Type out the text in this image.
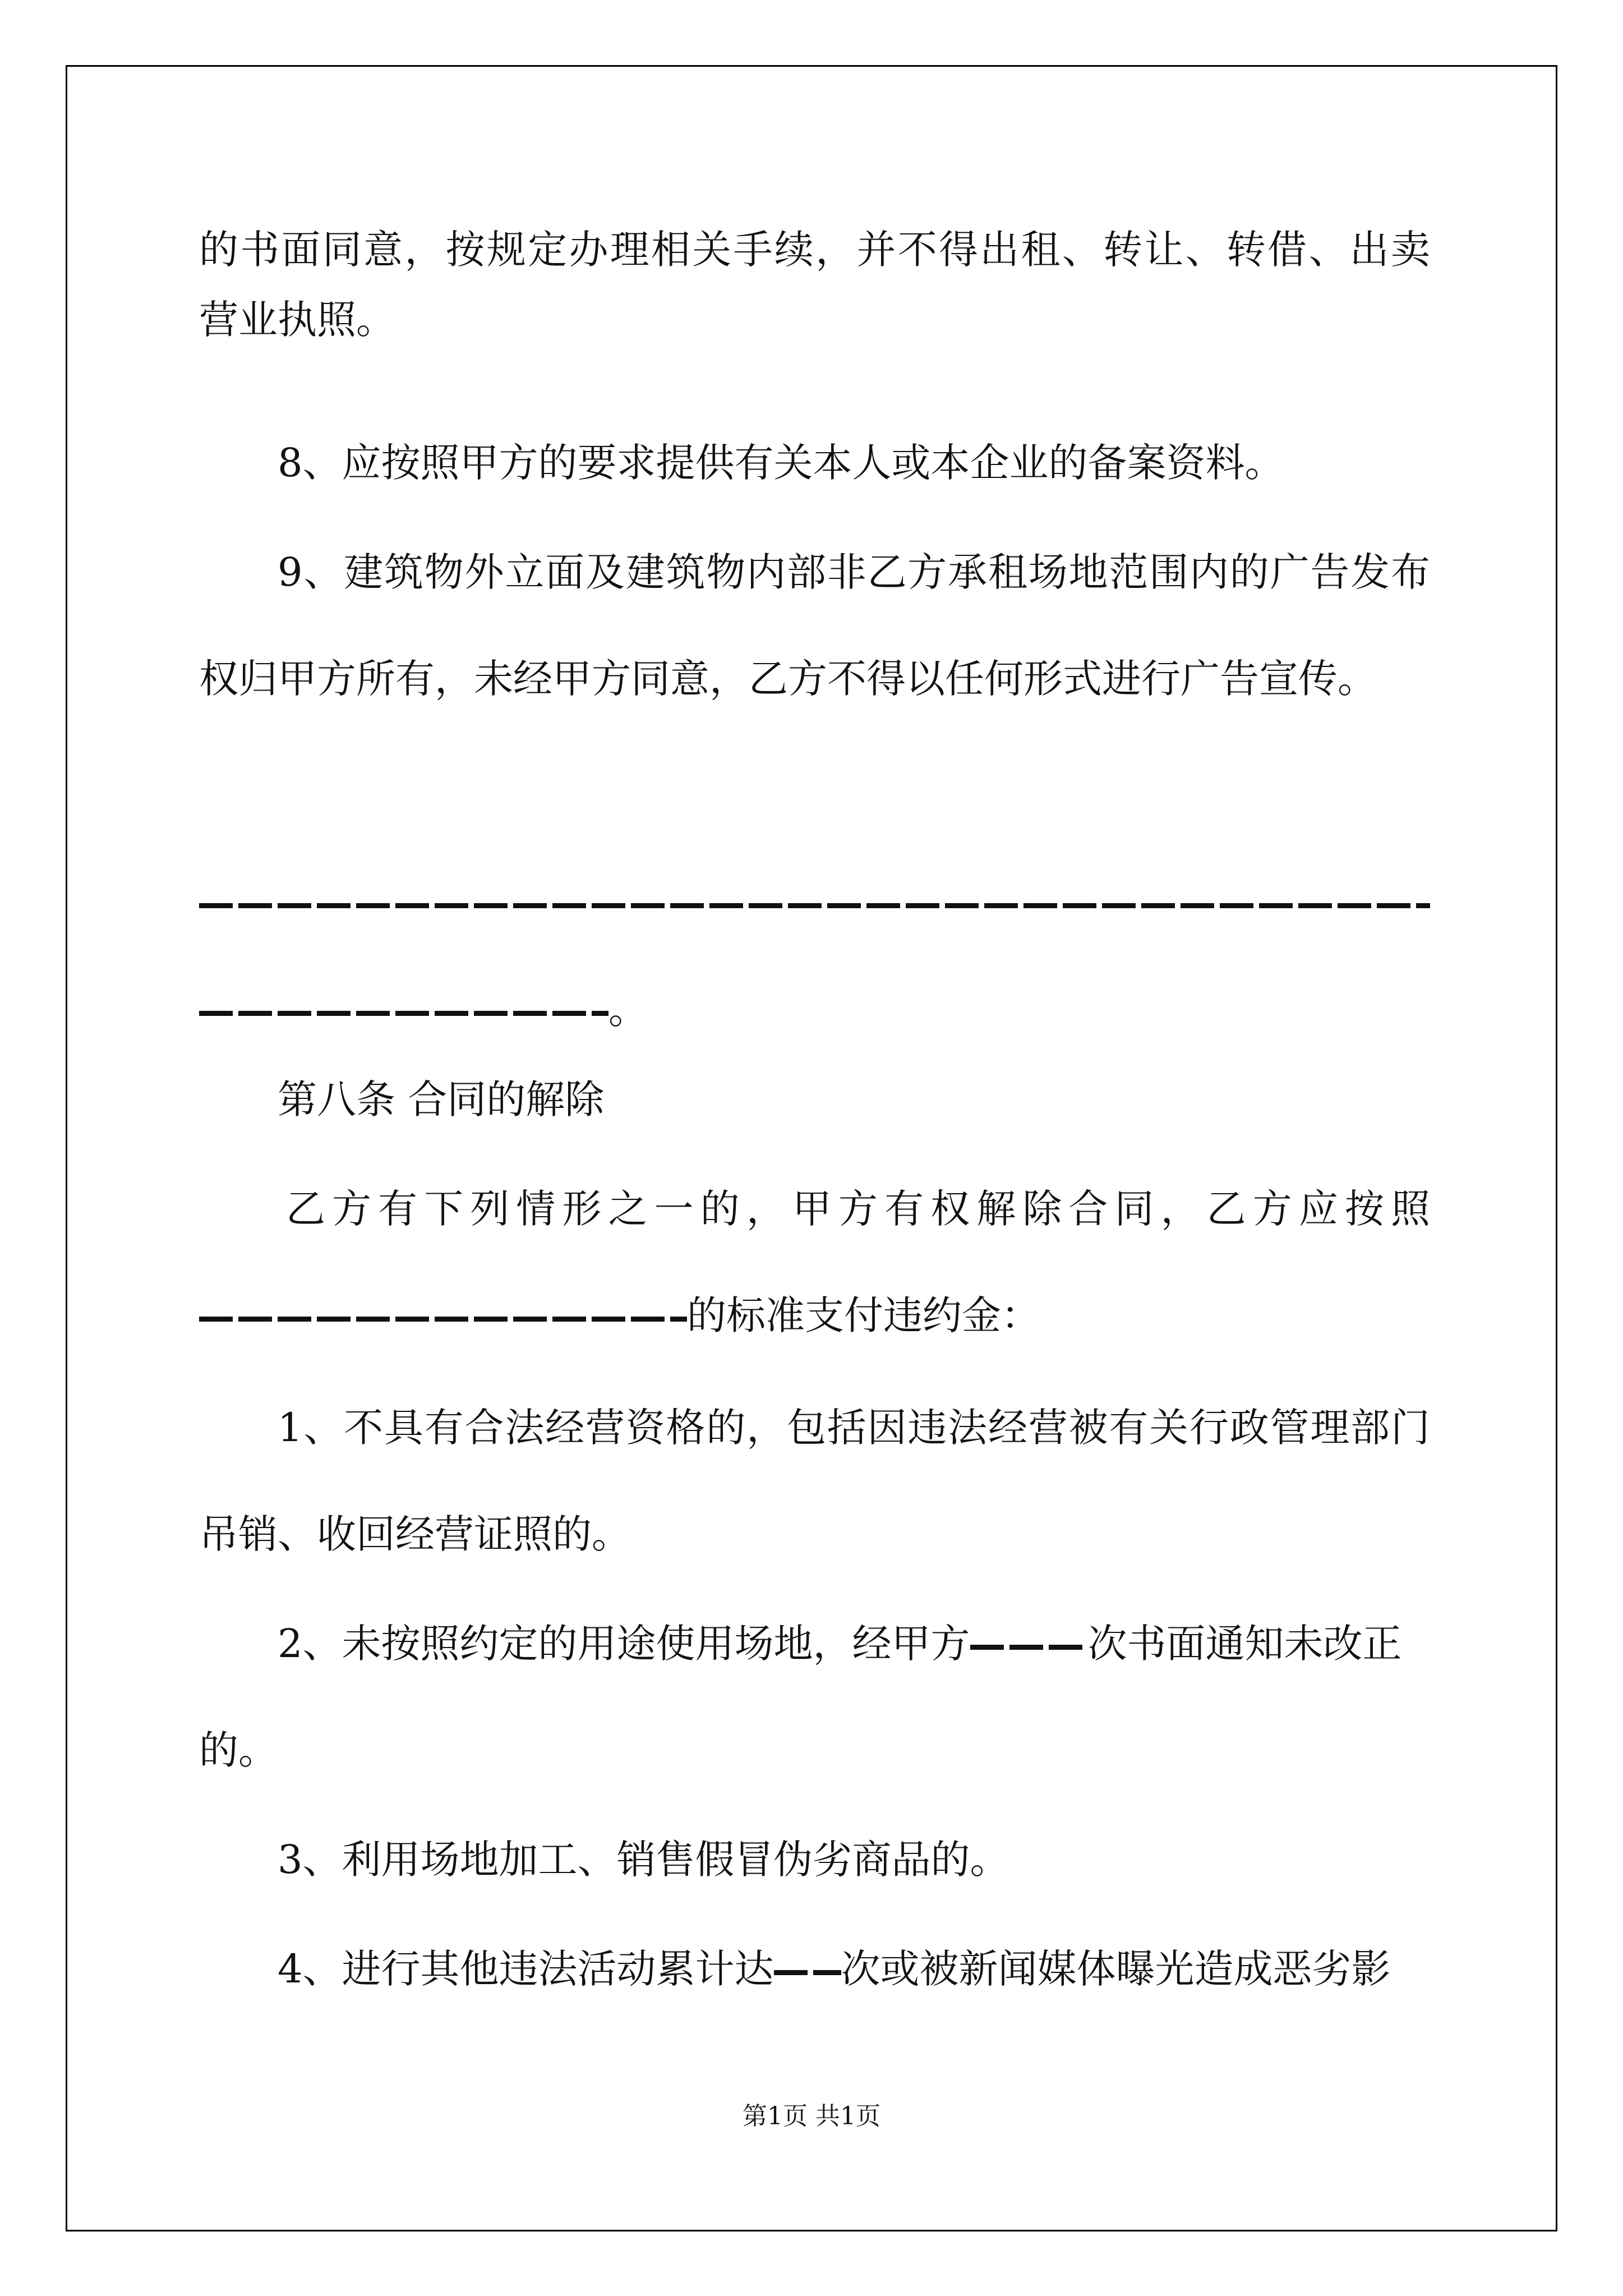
的书面同意，按规定办理相关手续，并不得出租、转让、转借、出卖

营业执照。

8、应按照甲方的要求提供有关本人或本企业的备案资料。

9、建筑物外立面及建筑物内部非乙方承租场地范围内的广告发布

权归甲方所有，未经甲方同意，乙方不得以任何形式进行广告宣传。

。

第八条 合同的解除

乙方有下列情形之一的，甲方有权解除合同，乙方应按照

的标准支付违约金：

1、不具有合法经营资格的，包括因违法经营被有关行政管理部门

吊销、收回经营证照的。

2、未按照约定的用途使用场地，经甲方	次书面通知未改正

的。

3、利用场地加工、销售假冒伪劣商品的。

4、进行其他违法活动累计达 次或被新闻媒体曝光造成恶劣影

第1页 共1页
